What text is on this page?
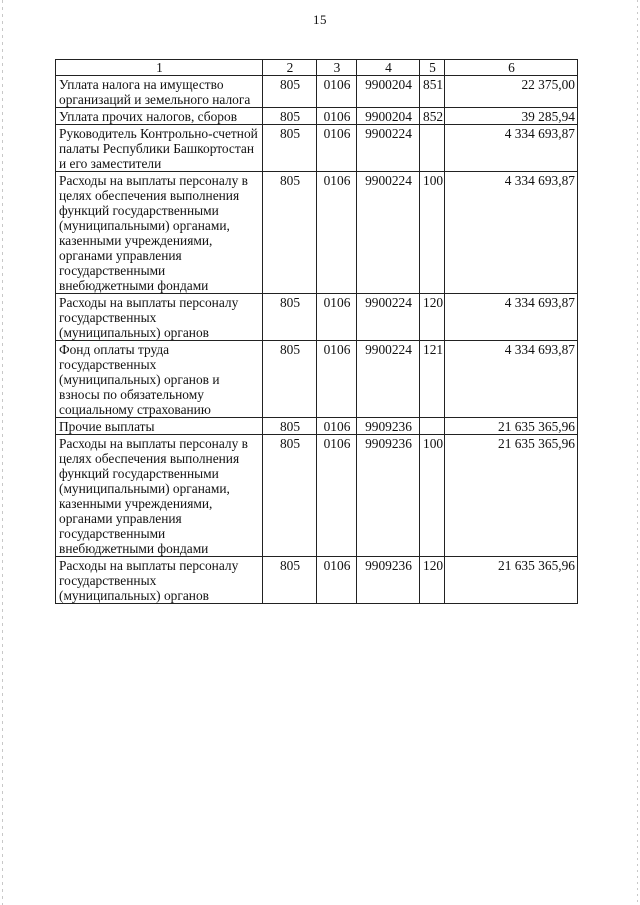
15
1	2	3	4	5	6
Уплата налога на имущество организаций и земельного налога	805	0106	9900204	851	22 375,00
Уплата прочих налогов, сборов	805	0106	9900204	852	39 285,94
Руководитель Контрольно-счетной палаты Республики Башкортостан и его заместители	805	0106	9900224		4 334 693,87
Расходы на выплаты персоналу в целях обеспечения выполнения функций государственными (муниципальными) органами, казенными учреждениями, органами управления государственными внебюджетными фондами	805	0106	9900224	100	4 334 693,87
Расходы на выплаты персоналу государственных (муниципальных) органов	805	0106	9900224	120	4 334 693,87
Фонд оплаты труда государственных (муниципальных) органов и взносы по обязательному социальному страхованию	805	0106	9900224	121	4 334 693,87
Прочие выплаты	805	0106	9909236		21 635 365,96
Расходы на выплаты персоналу в целях обеспечения выполнения функций государственными (муниципальными) органами, казенными учреждениями, органами управления государственными внебюджетными фондами	805	0106	9909236	100	21 635 365,96
Расходы на выплаты персоналу государственных (муниципальных) органов	805	0106	9909236	120	21 635 365,96
